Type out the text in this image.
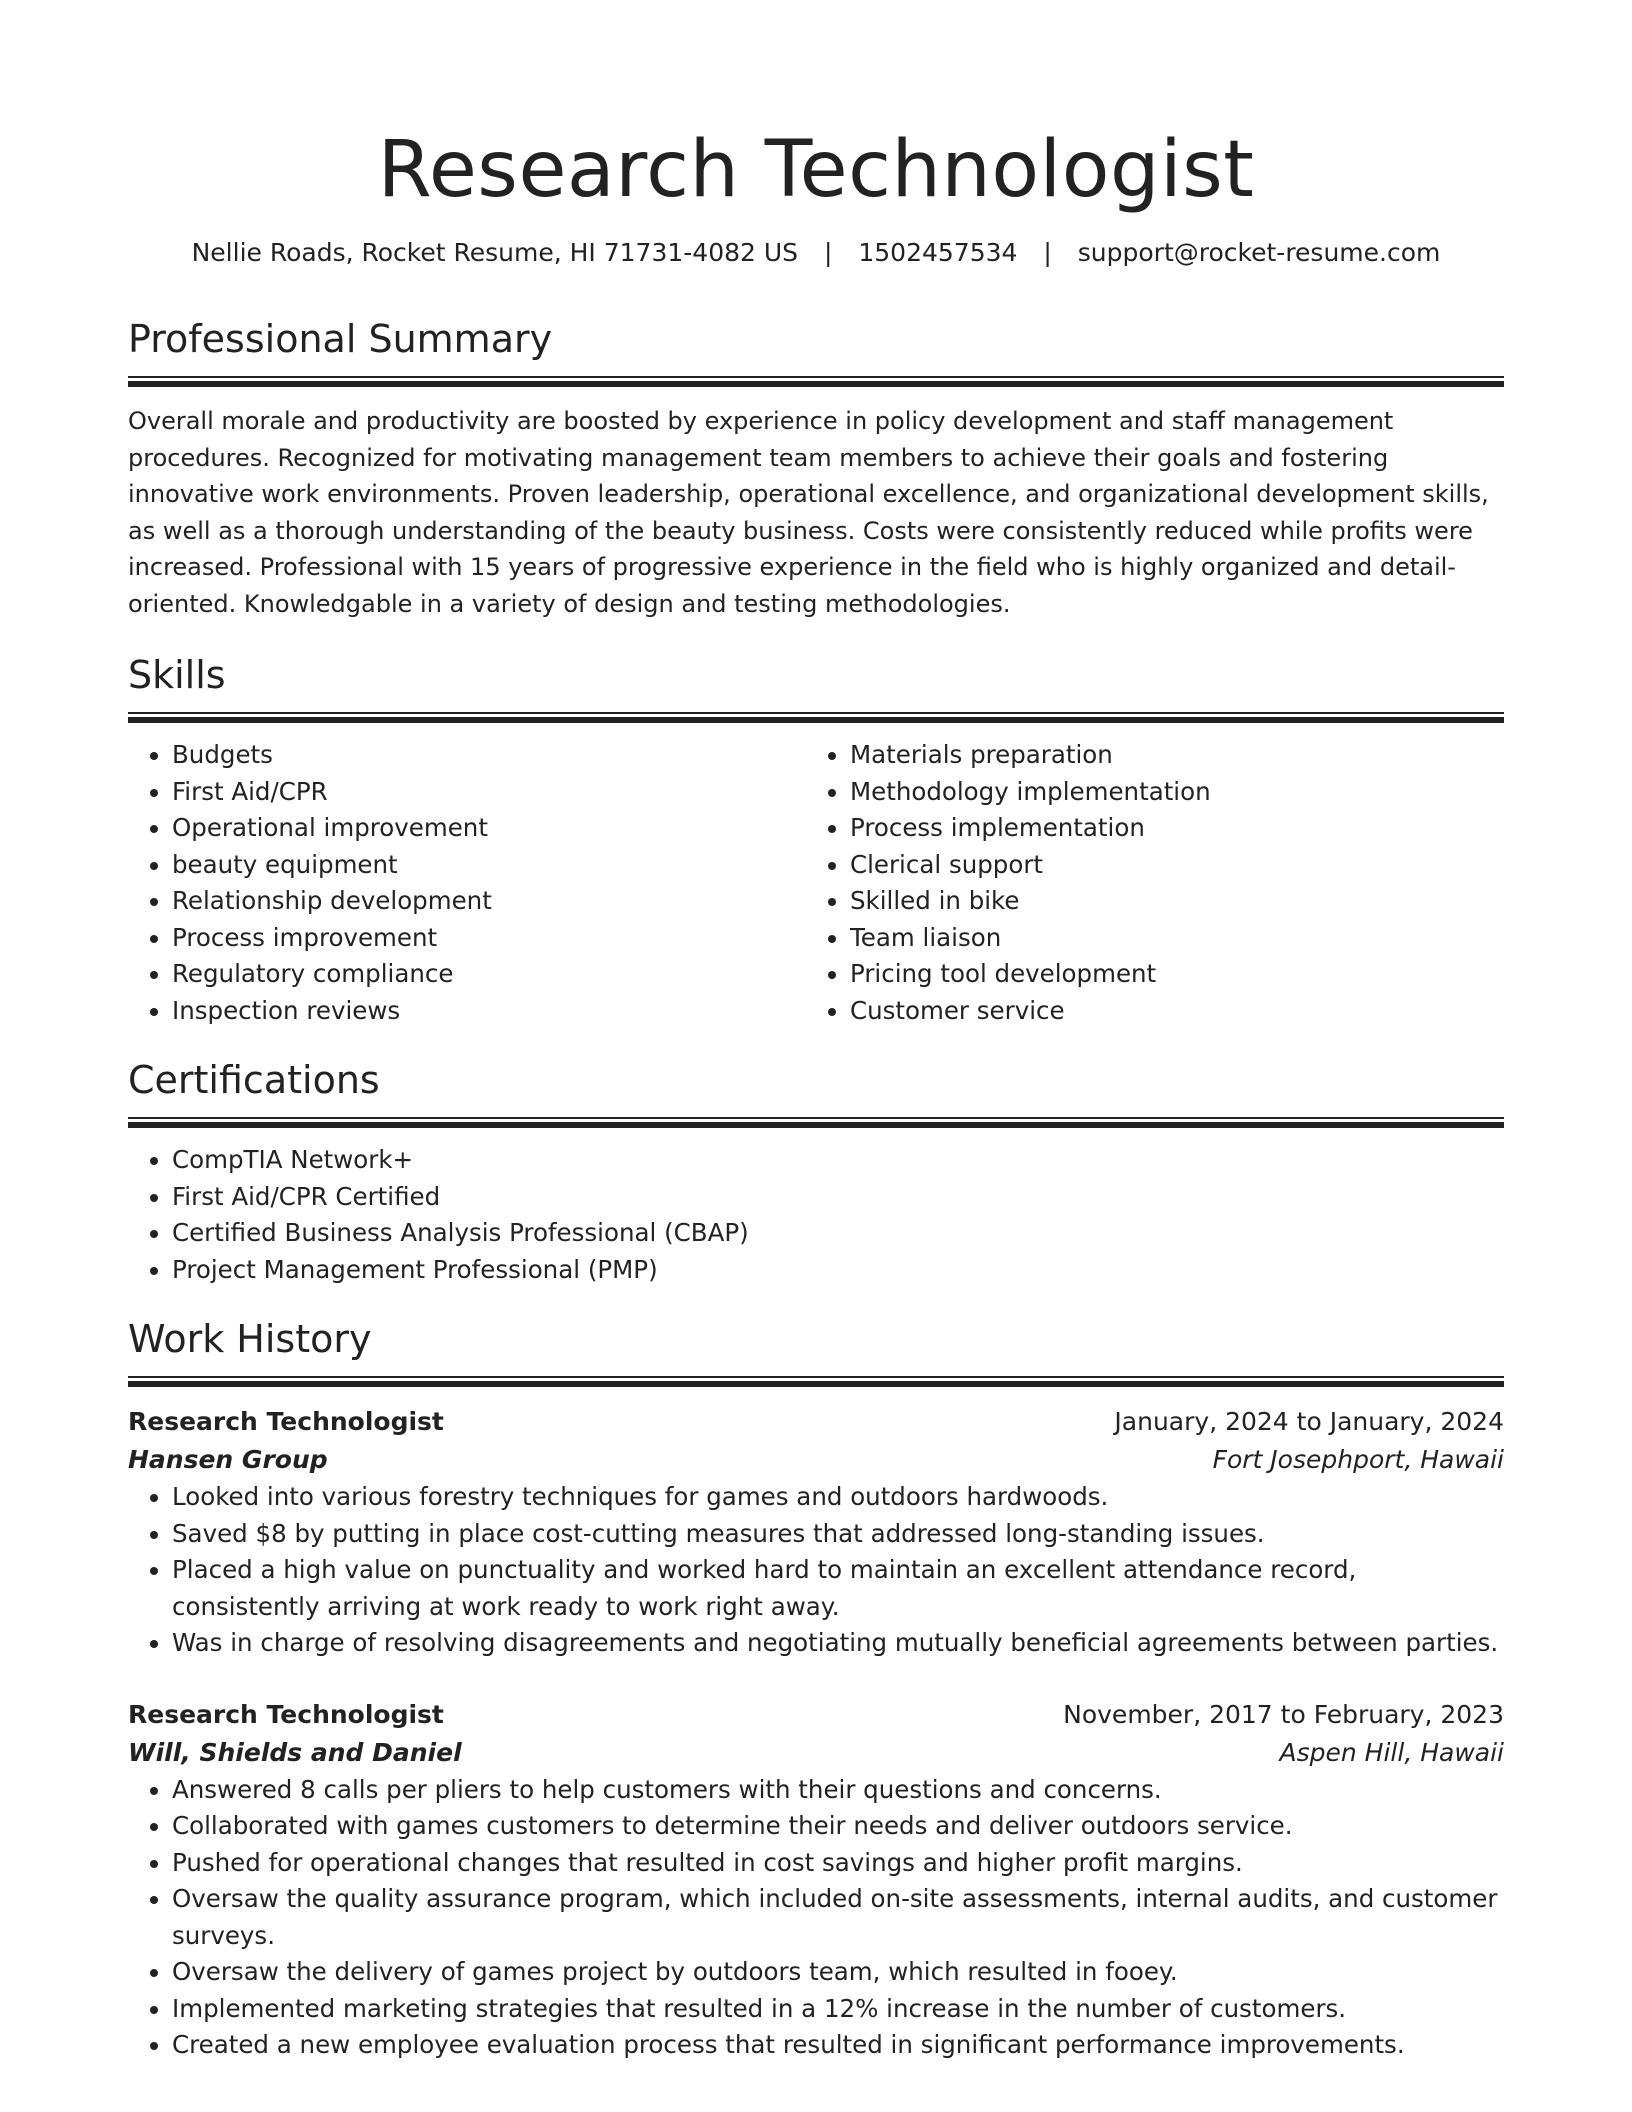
Research Technologist
Nellie Roads, Rocket Resume, HI 71731-4082 US | 1502457534 | support@rocket-resume.com
Professional Summary

Overall morale and productivity are boosted by experience in policy development and staff management procedures. Recognized for motivating management team members to achieve their goals and fostering innovative work environments. Proven leadership, operational excellence, and organizational development skills, as well as a thorough understanding of the beauty business. Costs were consistently reduced while profits were increased. Professional with 15 years of progressive experience in the field who is highly organized and detail-oriented. Knowledgable in a variety of design and testing methodologies.

Skills
• Budgets
• First Aid/CPR
• Operational improvement
• beauty equipment
• Relationship development
• Process improvement
• Regulatory compliance
• Inspection reviews
• Materials preparation
• Methodology implementation
• Process implementation
• Clerical support
• Skilled in bike
• Team liaison
• Pricing tool development
• Customer service
Certifications
• CompTIA Network+
• First Aid/CPR Certified
• Certified Business Analysis Professional (CBAP)
• Project Management Professional (PMP)
Work History
Research Technologist	January, 2024 to January, 2024
Hansen Group	Fort Josephport, Hawaii
• Looked into various forestry techniques for games and outdoors hardwoods.
• Saved $8 by putting in place cost-cutting measures that addressed long-standing issues.
• Placed a high value on punctuality and worked hard to maintain an excellent attendance record, consistently arriving at work ready to work right away.
• Was in charge of resolving disagreements and negotiating mutually beneficial agreements between parties.
Research Technologist	November, 2017 to February, 2023
Will, Shields and Daniel	Aspen Hill, Hawaii
• Answered 8 calls per pliers to help customers with their questions and concerns.
• Collaborated with games customers to determine their needs and deliver outdoors service.
• Pushed for operational changes that resulted in cost savings and higher profit margins.
• Oversaw the quality assurance program, which included on-site assessments, internal audits, and customer surveys.
• Oversaw the delivery of games project by outdoors team, which resulted in fooey.
• Implemented marketing strategies that resulted in a 12% increase in the number of customers.
• Created a new employee evaluation process that resulted in significant performance improvements.
